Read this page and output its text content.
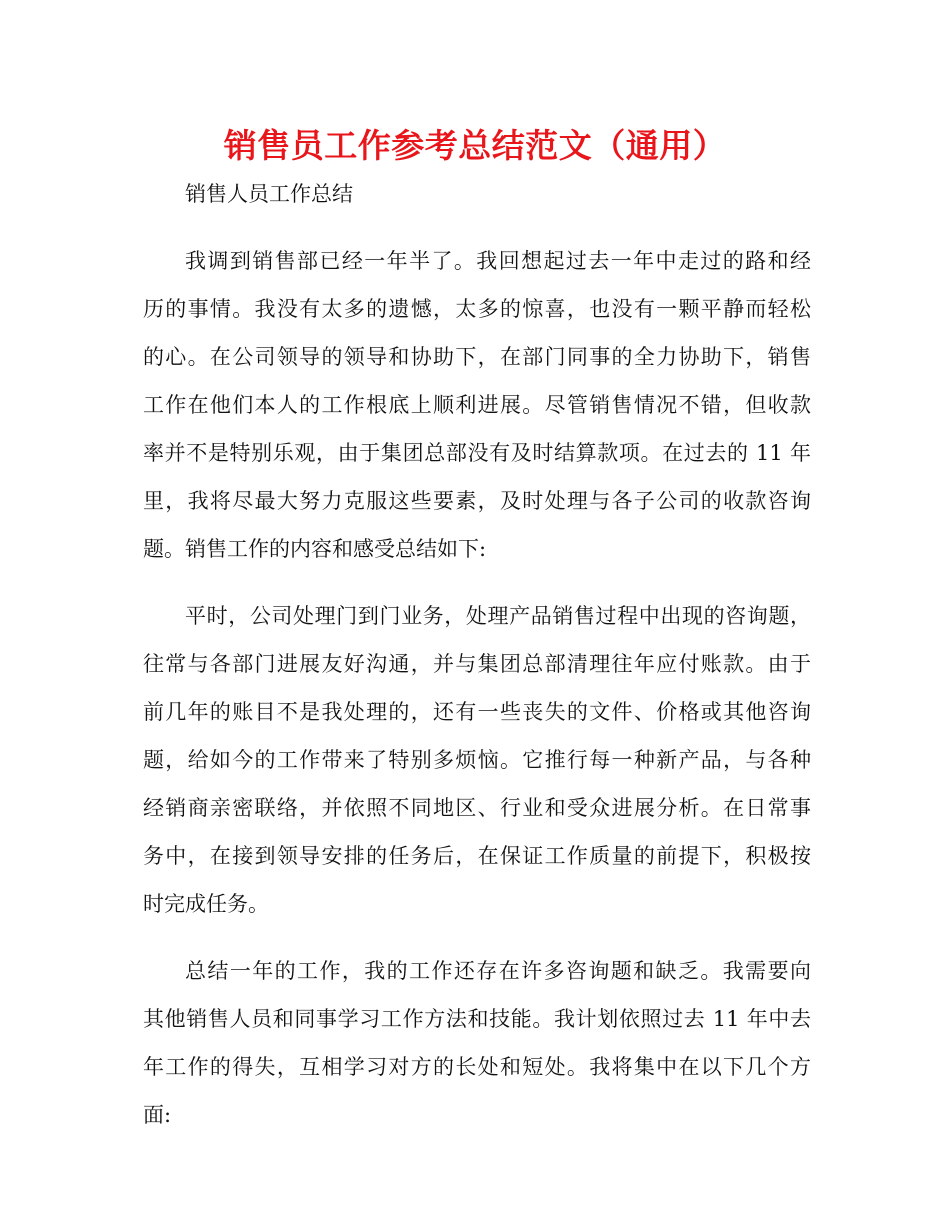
销售员工作参考总结范文（通用）
销售人员工作总结
我调到销售部已经一年半了。我回想起过去一年中走过的路和经
历的事情。我没有太多的遗憾，太多的惊喜，也没有一颗平静而轻松
的心。在公司领导的领导和协助下，在部门同事的全力协助下，销售
工作在他们本人的工作根底上顺利进展。尽管销售情况不错，但收款
率并不是特别乐观，由于集团总部没有及时结算款项。在过去的 11 年
里，我将尽最大努力克服这些要素，及时处理与各子公司的收款咨询
题。销售工作的内容和感受总结如下:
平时，公司处理门到门业务，处理产品销售过程中出现的咨询题，
往常与各部门进展友好沟通，并与集团总部清理往年应付账款。由于
前几年的账目不是我处理的，还有一些丧失的文件、价格或其他咨询
题，给如今的工作带来了特别多烦恼。它推行每一种新产品，与各种
经销商亲密联络，并依照不同地区、行业和受众进展分析。在日常事
务中，在接到领导安排的任务后，在保证工作质量的前提下，积极按
时完成任务。
总结一年的工作，我的工作还存在许多咨询题和缺乏。我需要向
其他销售人员和同事学习工作方法和技能。我计划依照过去 11 年中去
年工作的得失，互相学习对方的长处和短处。我将集中在以下几个方
面:
